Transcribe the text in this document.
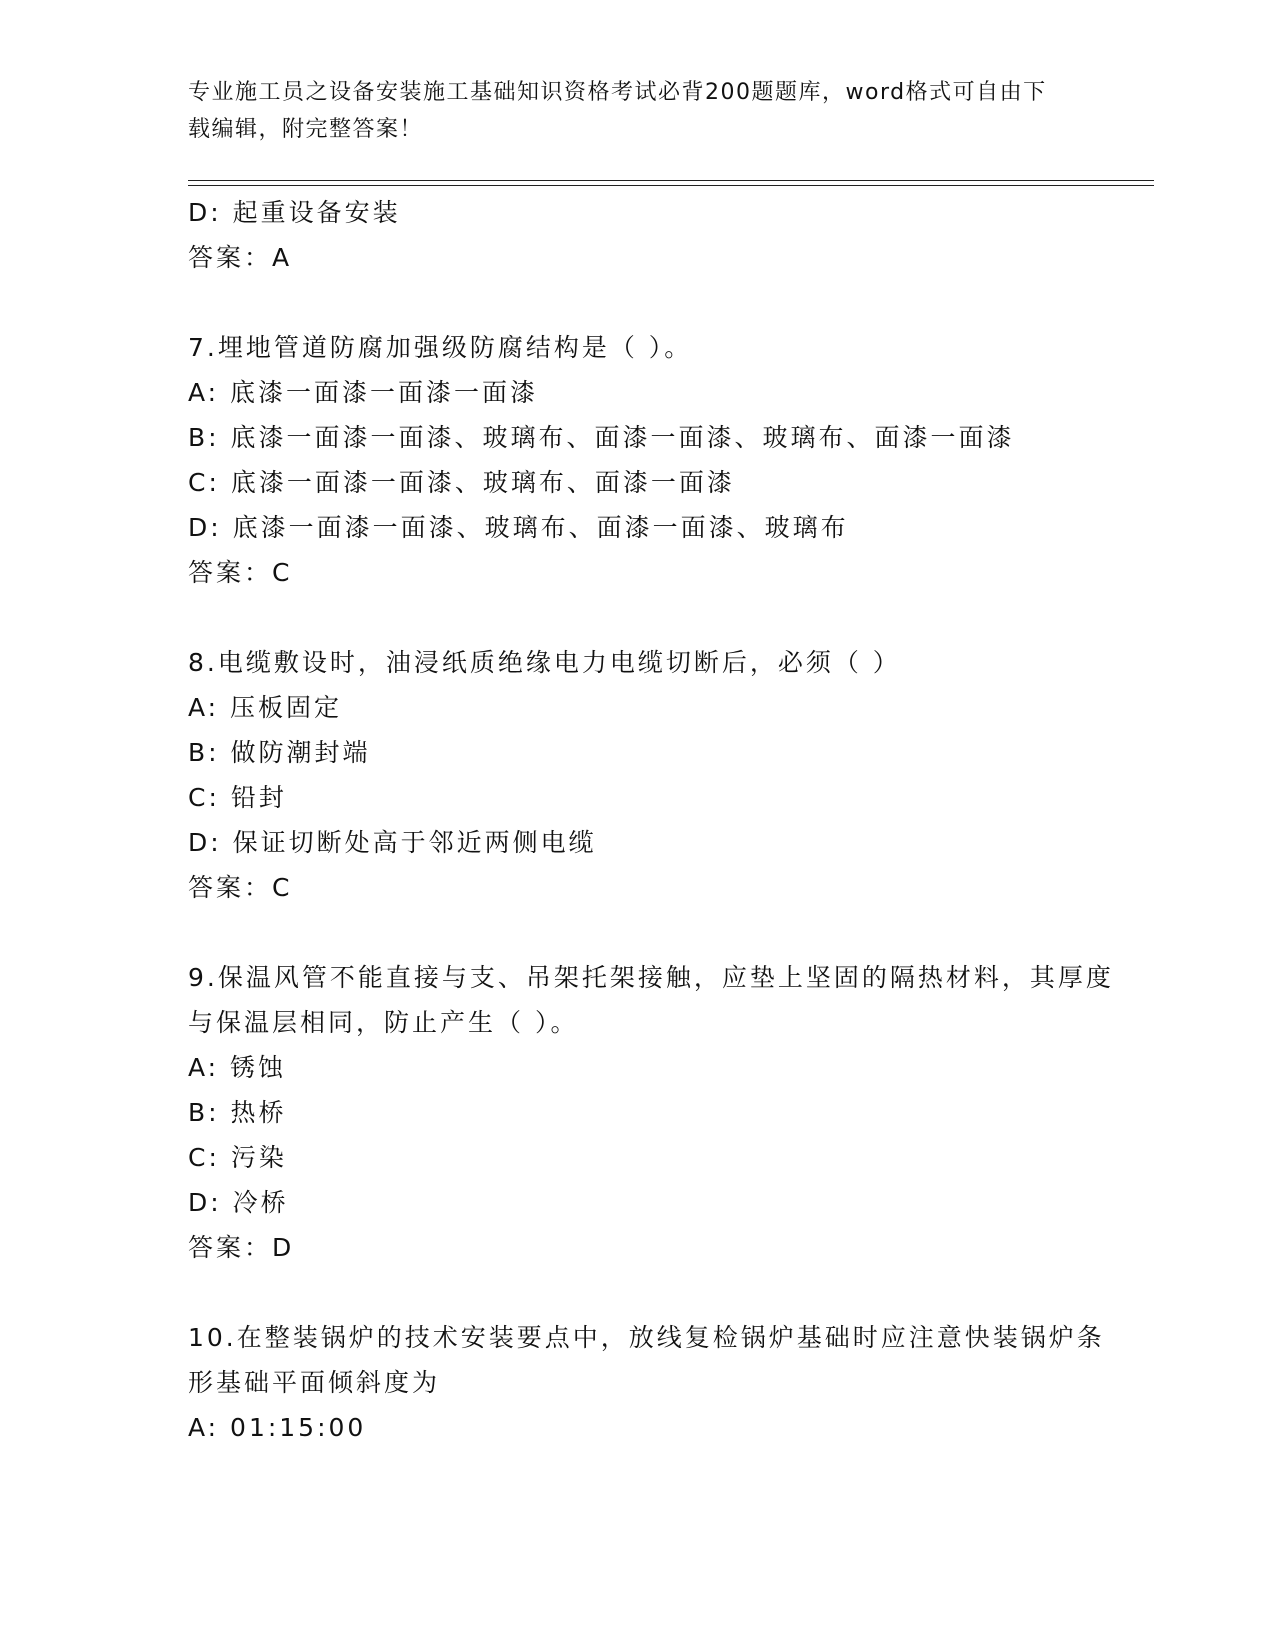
专业施工员之设备安装施工基础知识资格考试必背200题题库，word格式可自由下载编辑，附完整答案！
D: 起重设备安装
答案：A
7.埋地管道防腐加强级防腐结构是（ ）。
A: 底漆一面漆一面漆一面漆
B: 底漆一面漆一面漆、玻璃布、面漆一面漆、玻璃布、面漆一面漆
C: 底漆一面漆一面漆、玻璃布、面漆一面漆
D: 底漆一面漆一面漆、玻璃布、面漆一面漆、玻璃布
答案：C
8.电缆敷设时，油浸纸质绝缘电力电缆切断后，必须（ ）
A: 压板固定
B: 做防潮封端
C: 铅封
D: 保证切断处高于邻近两侧电缆
答案：C
9.保温风管不能直接与支、吊架托架接触，应垫上坚固的隔热材料，其厚度与保温层相同，防止产生（ ）。
A: 锈蚀
B: 热桥
C: 污染
D: 冷桥
答案：D
10.在整装锅炉的技术安装要点中，放线复检锅炉基础时应注意快装锅炉条形基础平面倾斜度为
A: 01:15:00
